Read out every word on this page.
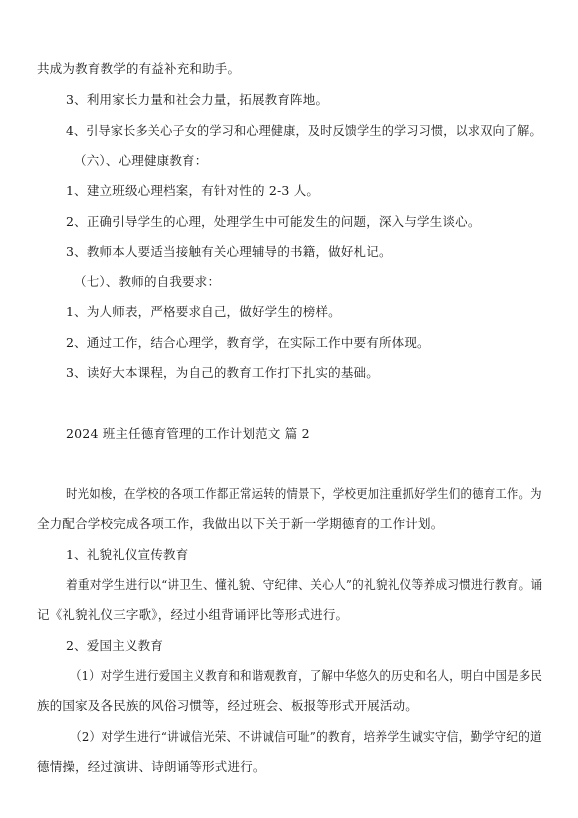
共成为教育教学的有益补充和助手。
3、利用家长力量和社会力量，拓展教育阵地。
4、引导家长多关心子女的学习和心理健康，及时反馈学生的学习习惯，以求双向了解。
（六）、心理健康教育：
1、建立班级心理档案，有针对性的 2-3 人。
2、正确引导学生的心理，处理学生中可能发生的问题，深入与学生谈心。
3、教师本人要适当接触有关心理辅导的书籍，做好札记。
（七）、教师的自我要求：
1、为人师表，严格要求自己，做好学生的榜样。
2、通过工作，结合心理学，教育学，在实际工作中要有所体现。
3、读好大本课程，为自己的教育工作打下扎实的基础。
2024 班主任德育管理的工作计划范文 篇 2
时光如梭，在学校的各项工作都正常运转的情景下，学校更加注重抓好学生们的德育工作。为
全力配合学校完成各项工作，我做出以下关于新一学期德育的工作计划。
1、礼貌礼仪宣传教育
着重对学生进行以“讲卫生、懂礼貌、守纪律、关心人”的礼貌礼仪等养成习惯进行教育。诵
记《礼貌礼仪三字歌》，经过小组背诵评比等形式进行。
2、爱国主义教育
（1）对学生进行爱国主义教育和和谐观教育，了解中华悠久的历史和名人，明白中国是多民
族的国家及各民族的风俗习惯等，经过班会、板报等形式开展活动。
（2）对学生进行“讲诚信光荣、不讲诚信可耻”的教育，培养学生诚实守信，勤学守纪的道
德情操，经过演讲、诗朗诵等形式进行。
